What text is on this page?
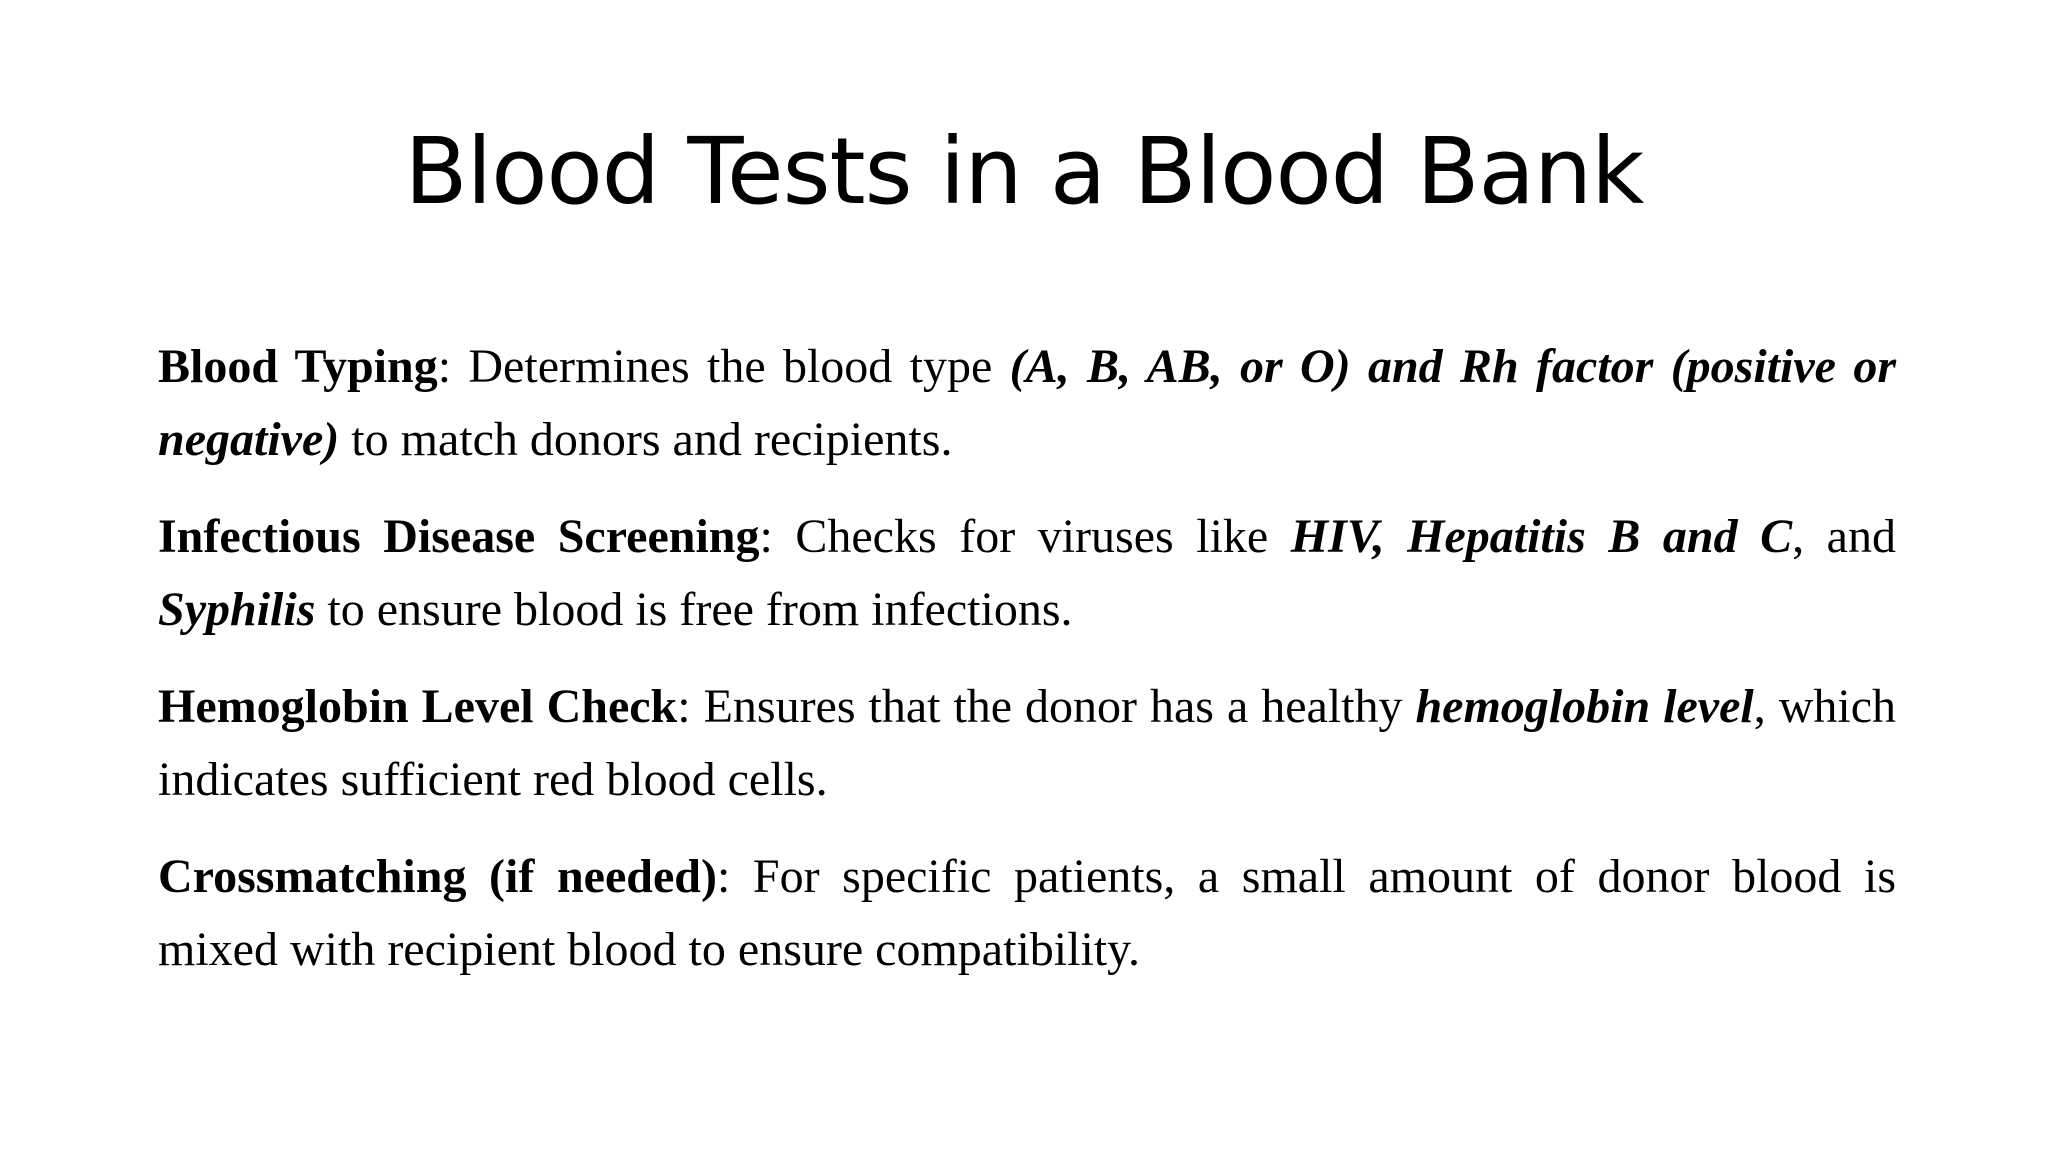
Blood Tests in a Blood Bank

Blood Typing: Determines the blood type (A, B, AB, or O) and Rh factor (positive or negative) to match donors and recipients.

Infectious Disease Screening: Checks for viruses like HIV, Hepatitis B and C, and Syphilis to ensure blood is free from infections.

Hemoglobin Level Check: Ensures that the donor has a healthy hemoglobin level, which indicates sufficient red blood cells.

Crossmatching (if needed): For specific patients, a small amount of donor blood is mixed with recipient blood to ensure compatibility.
